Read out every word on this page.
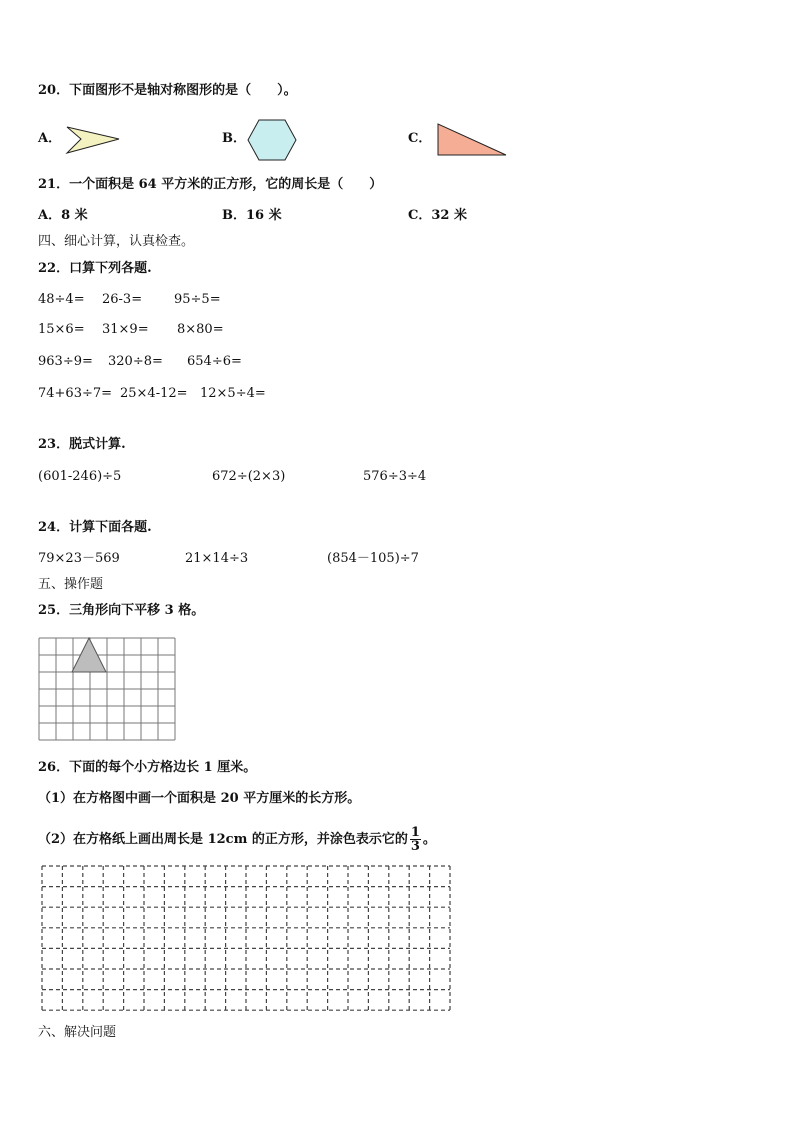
20．下面图形不是轴对称图形的是（　　）。
A．	B．	C．
21．一个面积是 64 平方米的正方形，它的周长是（　　）
A．8 米	B．16 米	C．32 米
四、细心计算，认真检查。
22．口算下列各题.
48÷4= 26-3= 95÷5=
15×6= 31×9= 8×80=
963÷9= 320÷8= 654÷6=
74+63÷7= 25×4-12= 12×5÷4=
23．脱式计算.
(601-246)÷5	672÷(2×3)	576÷3÷4
24．计算下面各题.
79×23－569	21×14÷3	(854－105)÷7
五、操作题
25．三角形向下平移 3 格。
26．下面的每个小方格边长 1 厘米。
（1）在方格图中画一个面积是 20 平方厘米的长方形。
（2）在方格纸上画出周长是 12cm 的正方形，并涂色表示它的 $\frac{1}{3}$ 。
六、解决问题
